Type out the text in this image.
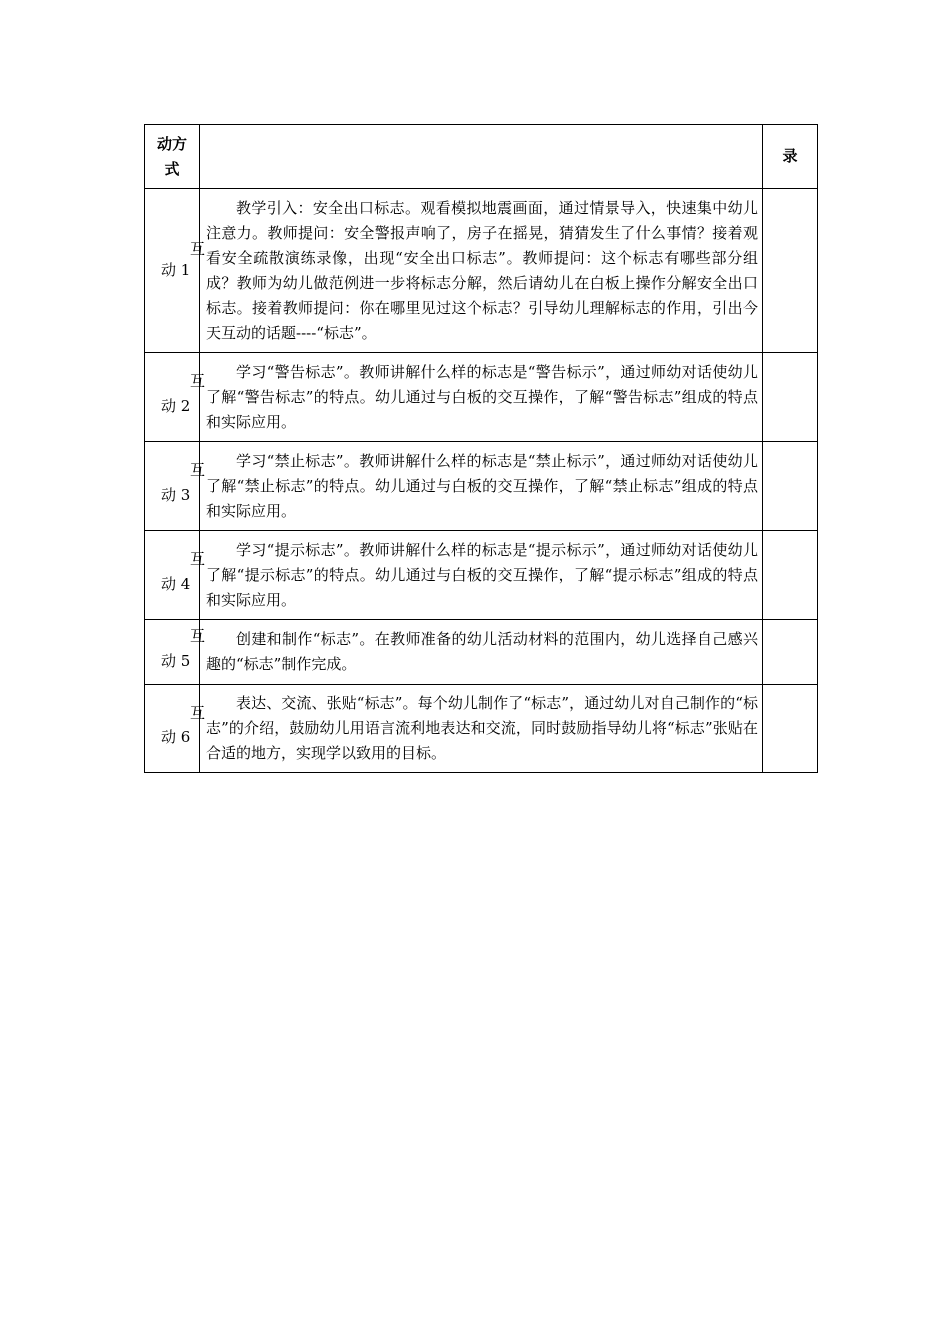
动方
式		录

互
动 1	教学引入：安全出口标志。观看模拟地震画面，通过情景导入，快速集中幼儿注意力。教师提问：安全警报声响了，房子在摇晃，猜猜发生了什么事情？接着观看安全疏散演练录像，出现“安全出口标志”。教师提问：这个标志有哪些部分组成？教师为幼儿做范例进一步将标志分解，然后请幼儿在白板上操作分解安全出口标志。接着教师提问：你在哪里见过这个标志？引导幼儿理解标志的作用，引出今天互动的话题----“标志”。	

互
动 2	学习“警告标志”。教师讲解什么样的标志是“警告标示”，通过师幼对话使幼儿了解“警告标志”的特点。幼儿通过与白板的交互操作，了解“警告标志”组成的特点和实际应用。	

互
动 3	学习“禁止标志”。教师讲解什么样的标志是“禁止标示”，通过师幼对话使幼儿了解“禁止标志”的特点。幼儿通过与白板的交互操作，了解“禁止标志”组成的特点和实际应用。	

互
动 4	学习“提示标志”。教师讲解什么样的标志是“提示标示”，通过师幼对话使幼儿了解“提示标志”的特点。幼儿通过与白板的交互操作，了解“提示标志”组成的特点和实际应用。	

互
动 5	创建和制作“标志”。在教师准备的幼儿活动材料的范围内，幼儿选择自己感兴趣的“标志”制作完成。	

互
动 6	表达、交流、张贴“标志”。每个幼儿制作了“标志”，通过幼儿对自己制作的“标志”的介绍，鼓励幼儿用语言流利地表达和交流，同时鼓励指导幼儿将“标志”张贴在合适的地方，实现学以致用的目标。	
